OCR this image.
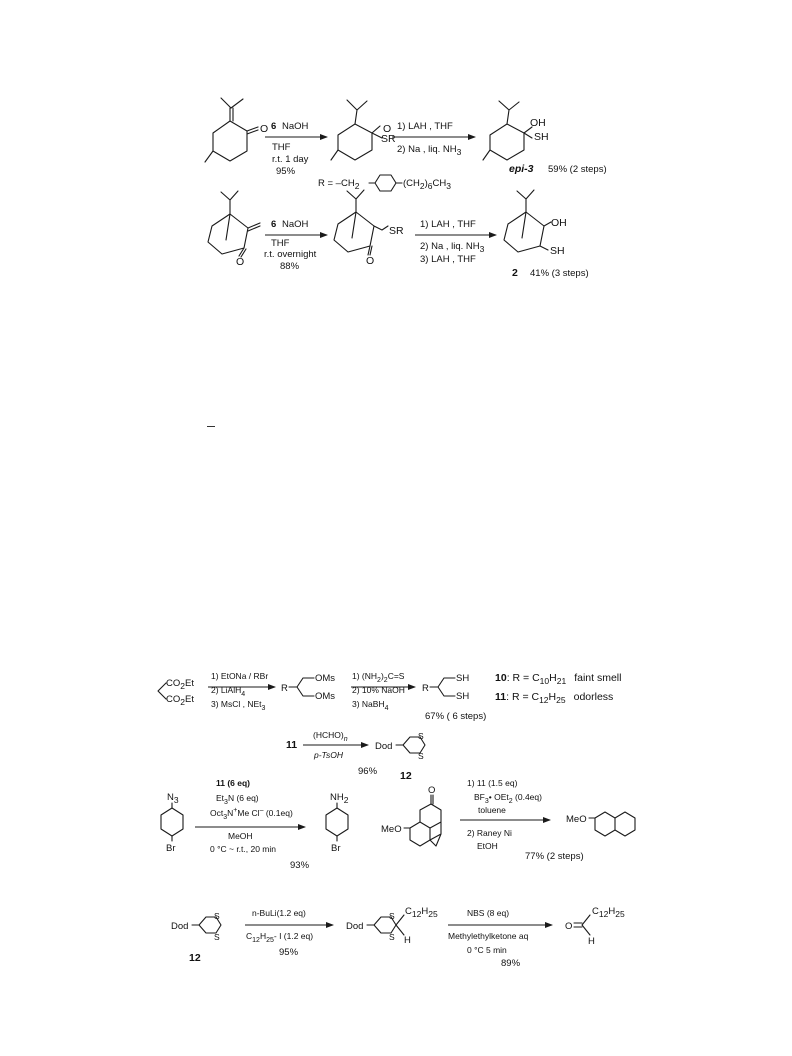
O 6 NaOH
THF
r.t. 1 day
95%
O
SR
1) LAH , THF
2) Na , liq. NH3
OH
SH
epi-3 59% (2 steps)
R = –CH2	(CH2)6CH3
O
6 NaOH
THF
r.t. overnight
88%
SR
O
1) LAH , THF
2) Na , liq. NH3
3) LAH , THF
OH
SH
2 41% (3 steps)
CO2Et
CO2Et
1) EtONa / RBr
2) LiAlH$_4$
3) MsCl , NEt$_3$
R
OMs
OMs
1) $(NH_2)_2C=S$
2) 10% NaOH
3) NaBH$_4$
R
SH
SH
67% ( 6 steps)
10: $R = C_{10}H_{21}$ faint smell
11: $R = C_{12}H_{25}$ odorless
11
$(HCHO)_n$
p-TsOH
Dod
S
S
96% 12
N3
Br
11 (6 eq)
$Et_3N$ (6 eq)
Oct$_3$N+Me Cl– (0.1eq)
MeOH
0 °C ~ r.t., 20 min
93%
NH2
Br
MeO
O
1) 11 (1.5 eq)
$BF_3•$ OEt$_2$ (0.4eq)
toluene
2) Raney Ni
EtOH
77% (2 steps)
MeO
Dod
S
S
12
n-BuLi(1.2 eq)
$C_{12}H_{25}-$ I (1.2 eq)
95%
Dod
S
S
C12H25
H
NBS (8 eq)
Methylethylketone aq
0 °C 5 min
89%
O
C12H25
H
